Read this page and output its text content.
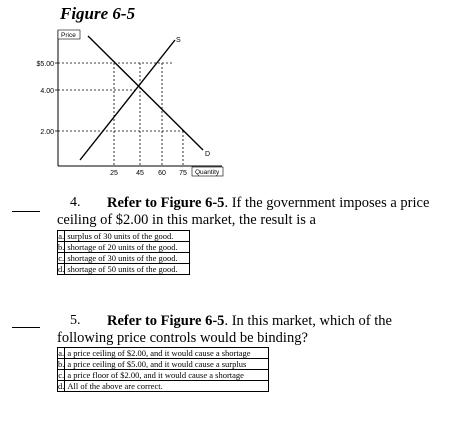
Figure 6-5
Price
Quantity
$5.00
4.00
2.00
25	45 60 75
S
D
4.	Refer to Figure 6-5. If the government imposes a price
ceiling of $2.00 in this market, the result is a
a.	surplus of 30 units of the good.
b.	shortage of 20 units of the good.
c.	shortage of 30 units of the good.
d.	shortage of 50 units of the good.
5.	Refer to Figure 6-5. In this market, which of the
following price controls would be binding?
a.	a price ceiling of $2.00, and it would cause a shortage
b.	a price ceiling of $5.00, and it would cause a surplus
c.	a price floor of $2.00, and it would cause a shortage
d.	All of the above are correct.
